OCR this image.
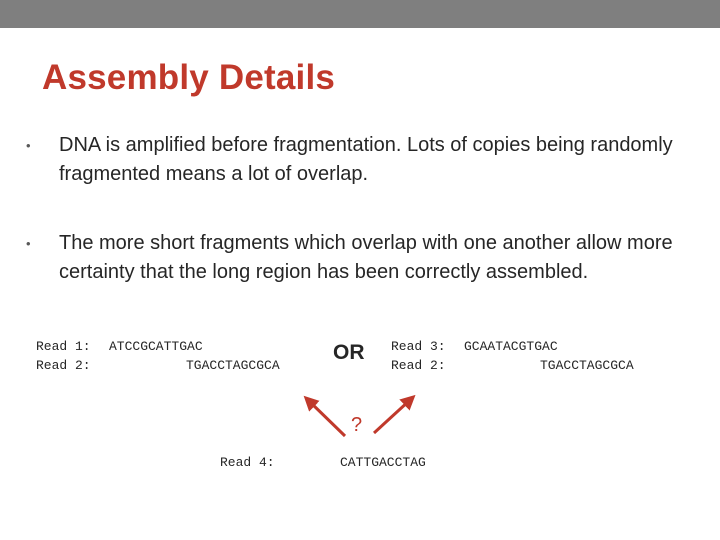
Assembly Details
•	DNA is amplified before fragmentation. Lots of copies being randomly fragmented means a lot of overlap.
•	The more short fragments which overlap with one another allow more certainty that the long region has been correctly assembled.
Read 1: ATCCGCATTGAC
Read 2:	TGACCTAGCGCA
OR Read 3: GCAATACGTGAC
Read 2:	TGACCTAGCGCA
?
Read 4:	CATTGACCTAG
